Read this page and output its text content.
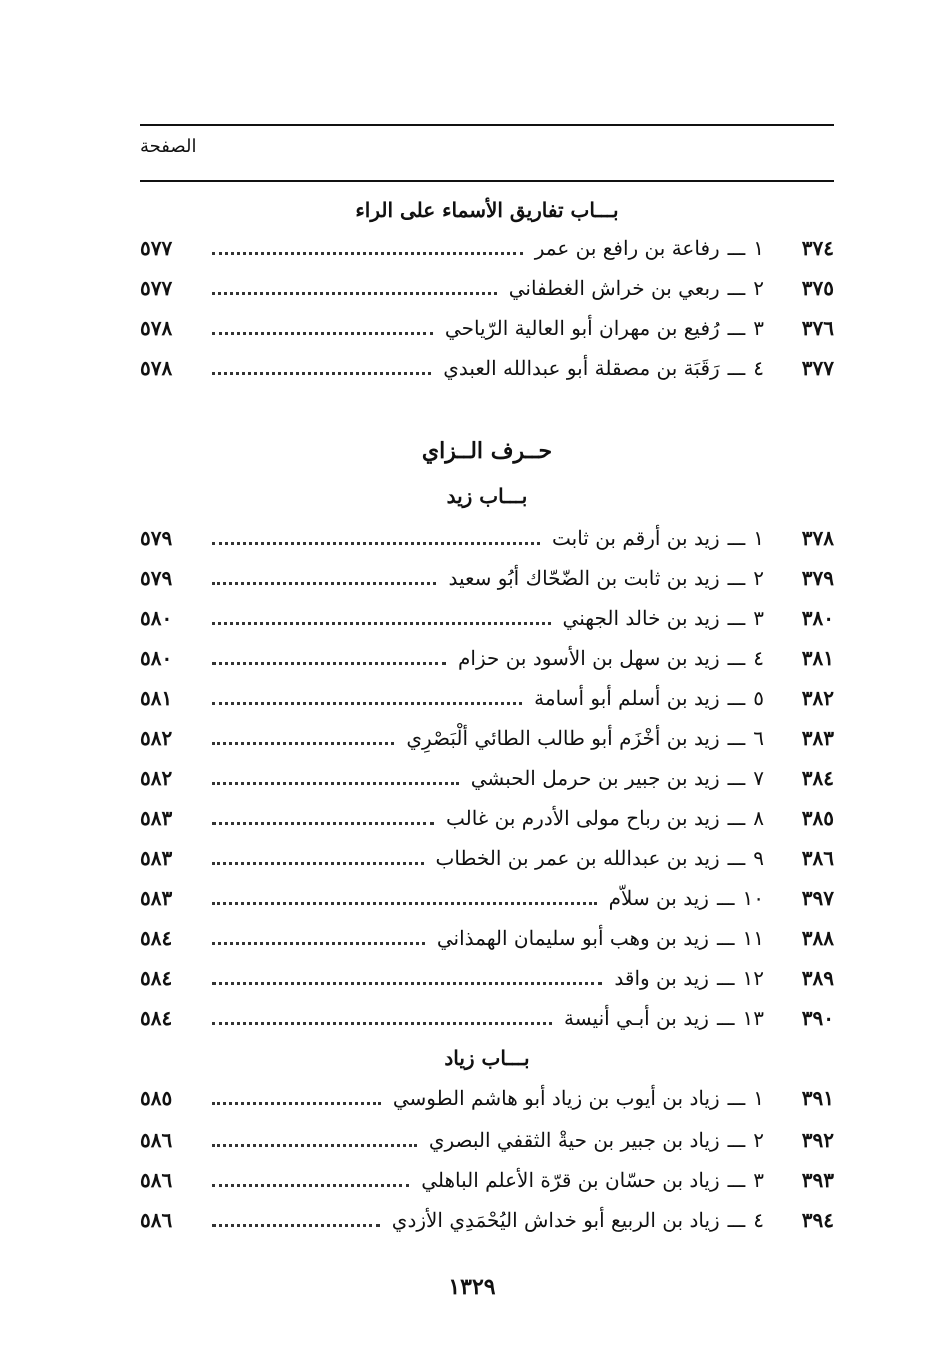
الصفحة
بـــاب تفاريق الأسماء على الراء
٣٧٤
١
ـــ
رفاعة بن رافع بن عمر
٥٧٧
٣٧٥
٢
ـــ
ربعي بن خراش الغطفاني
٥٧٧
٣٧٦
٣
ـــ
رُفيع بن مهران أبو العالية الرّياحي
٥٧٨
٣٧٧
٤
ـــ
رَقَبَة بن مصقلة أبو عبدالله العبدي
٥٧٨
حــرف الــزاي
بـــاب زيد
٣٧٨
١
ـــ
زيد بن أرقم بن ثابت
٥٧٩
٣٧٩
٢
ـــ
زيد بن ثابت بن الضّحّاك أبُو سعيد
٥٧٩
٣٨٠
٣
ـــ
زيد بن خالد الجهني
٥٨٠
٣٨١
٤
ـــ
زيد بن سهل بن الأسود بن حزام
٥٨٠
٣٨٢
٥
ـــ
زيد بن أسلم أبو أسامة
٥٨١
٣٨٣
٦
ـــ
زيد بن أخْزَم أبو طالب الطائي ألْبَصْرِي
٥٨٢
٣٨٤
٧
ـــ
زيد بن جبير بن حرمل الحبشي
٥٨٢
٣٨٥
٨
ـــ
زيد بن رباح مولى الأدرم بن غالب
٥٨٣
٣٨٦
٩
ـــ
زيد بن عبدالله بن عمر بن الخطاب
٥٨٣
٣٩٧
١٠
ـــ
زيد بن سلاّم
٥٨٣
٣٨٨
١١
ـــ
زيد بن وهب أبو سليمان الهمذاني
٥٨٤
٣٨٩
١٢
ـــ
زيد بن واقد
٥٨٤
٣٩٠
١٣
ـــ
زيد بن أبـي أنيسة
٥٨٤
بـــاب زياد
٣٩١
١
ـــ
زياد بن أيوب بن زياد أبو هاشم الطوسي
٥٨٥
٣٩٢
٢
ـــ
زياد بن جبير بن حيةْ الثقفي البصري
٥٨٦
٣٩٣
٣
ـــ
زياد بن حسّان بن قرّة الأعلم الباهلي
٥٨٦
٣٩٤
٤
ـــ
زياد بن الربيع أبو خداش اليُحْمَدِي الأزدي
٥٨٦
١٣٢٩
